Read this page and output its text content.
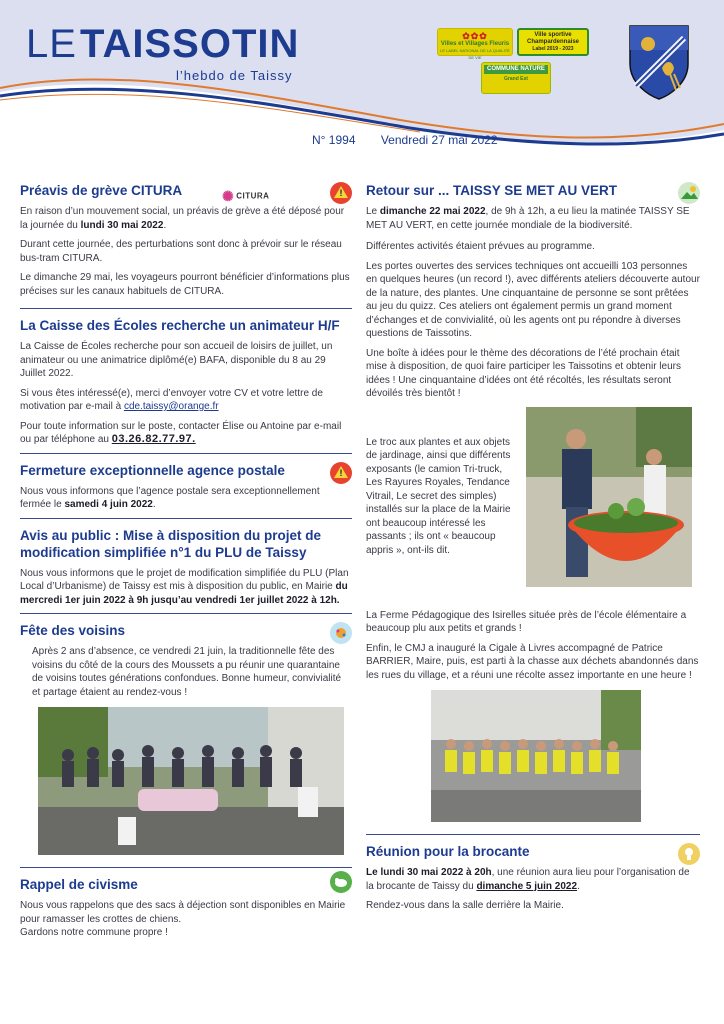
LE TAISSOTIN
l’hebdo de Taissy
✿✿✿
Villes et Villages Fleuris
LE LABEL NATIONAL DE LA QUALITÉ DE VIE
Ville sportive
Champardennaise
Label 2019 - 2023
COMMUNE NATURE
Grand Est
N° 1994 Vendredi 27 mai 2022
Préavis de grève CITURA	✺ CITURA
!

En raison d’un mouvement social, un préavis de grève a été déposé pour la journée du lundi 30 mai 2022.

Durant cette journée, des perturbations sont donc à prévoir sur le réseau bus-tram CITURA.

Le dimanche 29 mai, les voyageurs pourront bénéficier d’informations plus précises sur les canaux habituels de CITURA.

La Caisse des Écoles recherche un animateur H/F

La Caisse de Écoles recherche pour son accueil de loisirs de juillet, un animateur ou une animatrice diplômé(e) BAFA, disponible du 8 au 29 Juillet 2022.

Si vous êtes intéressé(e), merci d’envoyer votre CV et votre lettre de motivation par e-mail à cde.taissy@orange.fr

Pour toute information sur le poste, contacter Élise ou Antoine par e-mail ou par téléphone au 03.26.82.77.97.

Fermeture exceptionnelle agence postale
!

Nous vous informons que l’agence postale sera exceptionnellement fermée le samedi 4 juin 2022.

Avis au public : Mise à disposition du projet de modification simplifiée n°1 du PLU de Taissy

Nous vous informons que le projet de modification simplifiée du PLU (Plan Local d’Urbanisme) de Taissy est mis à disposition du public, en Mairie du mercredi 1er juin 2022 à 9h jusqu’au vendredi 1er juillet 2022 à 12h.

Fête des voisins

Après 2 ans d’absence, ce vendredi 21 juin, la traditionnelle fête des voisins du côté de la cours des Moussets a pu réunir une quarantaine de voisins toutes générations confondues. Bonne humeur, convivialité et partage étaient au rendez-vous !

Rappel de civisme

Nous vous rappelons que des sacs à déjection sont disponibles en Mairie pour ramasser les crottes de chiens.

Gardons notre commune propre !

Retour sur ... TAISSY SE MET AU VERT

Le dimanche 22 mai 2022, de 9h à 12h, a eu lieu la matinée TAISSY SE MET AU VERT, en cette journée mondiale de la biodiversité.

Différentes activités étaient prévues au programme.

Les portes ouvertes des services techniques ont accueilli 103 personnes en quelques heures (un record !), avec différents ateliers découverte autour de la nature, des plantes. Une cinquantaine de personne se sont prêtées au jeu du quizz. Ces ateliers ont également permis un grand moment d’échanges et de convivialité, où les agents ont pu répondre à diverses questions de Taissotins.

Une boîte à idées pour le thème des décorations de l’été prochain était mise à disposition, de quoi faire participer les Taissotins et obtenir leurs idées ! Une cinquantaine d’idées ont été récoltés, les résultats seront dévoilés très bientôt !

Le troc aux plantes et aux objets de jardinage, ainsi que différents exposants (le camion Tri-truck, Les Rayures Royales, Tendance Vitrail, Le secret des simples) installés sur la place de la Mairie ont beaucoup intéressé les passants ; ils ont « beaucoup appris », ont-ils dit.

La Ferme Pédagogique des Isirelles située près de l’école élémentaire a beaucoup plu aux petits et grands !

Enfin, le CMJ a inauguré la Cigale à Livres accompagné de Patrice BARRIER, Maire, puis, est parti à la chasse aux déchets abandonnés dans les rues du village, et a réuni une récolte assez importante en une heure !

Réunion pour la brocante

Le lundi 30 mai 2022 à 20h, une réunion aura lieu pour l’organisation de la brocante de Taissy du dimanche 5 juin 2022.

Rendez-vous dans la salle derrière la Mairie.
